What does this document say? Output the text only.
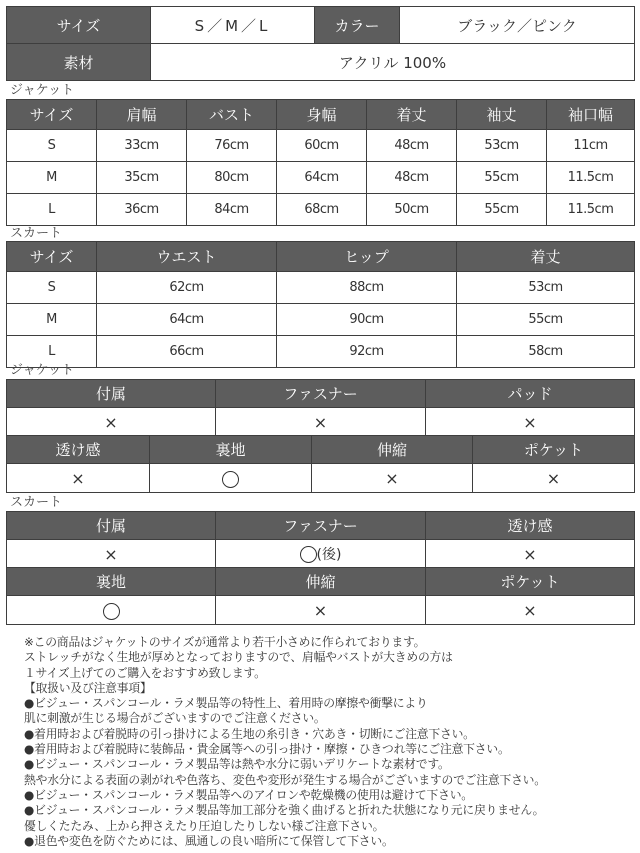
サイズ	S／M／L	カラー	ブラック／ピンク
素材	アクリル 100%		
ジャケット
サイズ	肩幅	バスト	身幅	着丈	袖丈	袖口幅
S	33cm	76cm	60cm	48cm	53cm	11cm
M	35cm	80cm	64cm	48cm	55cm	11.5cm
L	36cm	84cm	68cm	50cm	55cm	11.5cm
スカート
サイズ	ウエスト	ヒップ	着丈
S	62cm	88cm	53cm
M	64cm	90cm	55cm
L	66cm	92cm	58cm
ジャケット
付属	ファスナー	パッド
×	×	×
透け感	裏地	伸縮	ポケット
×		×	×
スカート
付属	ファスナー	透け感
×	(後)	×
裏地	伸縮	ポケット
	×	×
※この商品はジャケットのサイズが通常より若干小さめに作られております。
ストレッチがなく生地が厚めとなっておりますので、肩幅やバストが大きめの方は
１サイズ上げてのご購入をおすすめ致します。
【取扱い及び注意事項】
●ビジュー・スパンコール・ラメ製品等の特性上、着用時の摩擦や衝撃により
肌に刺激が生じる場合がございますのでご注意ください。
●着用時および着脱時の引っ掛けによる生地の糸引き・穴あき・切断にご注意下さい。
●着用時および着脱時に装飾品・貴金属等への引っ掛け・摩擦・ひきつれ等にご注意下さい。
●ビジュー・スパンコール・ラメ製品等は熱や水分に弱いデリケートな素材です。
熱や水分による表面の剥がれや色落ち、変色や変形が発生する場合がございますのでご注意下さい。
●ビジュー・スパンコール・ラメ製品等へのアイロンや乾燥機の使用は避けて下さい。
●ビジュー・スパンコール・ラメ製品等加工部分を強く曲げると折れた状態になり元に戻りません。
優しくたたみ、上から押さえたり圧迫したりしない様ご注意下さい。
●退色や変色を防ぐためには、風通しの良い暗所にて保管して下さい。
